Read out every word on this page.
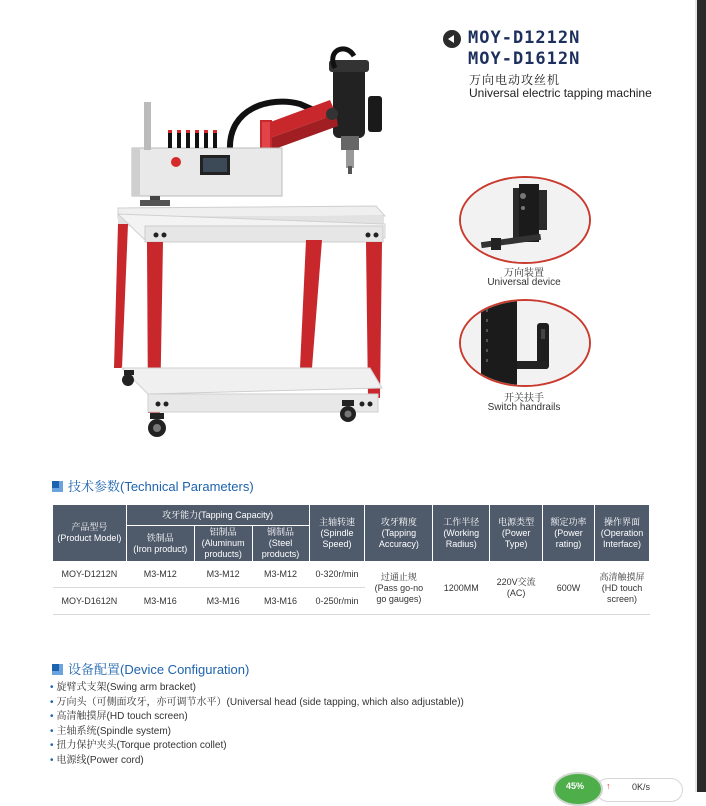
MOY-D1212N
MOY-D1612N
万向电动攻丝机
Universal electric tapping machine
万向装置
Universal device
开关扶手
Switch handrails
技术参数(Technical Parameters)
产品型号
(Product Model)	攻牙能力(Tapping Capacity)			主轴转速
(Spindle
Speed)	攻牙精度
(Tapping
Accuracy)	工作半径
(Working
Radius)	电源类型
(Power
Type)	额定功率
(Power
rating)	操作界面
(Operation
Interface)
	铁制品
(Iron product)	铝制品
(Aluminum
products)	钢制品
(Steel
products)						
MOY-D1212N	M3-M12	M3-M12	M3-M12	0-320r/min	过通止规
(Pass go-no
go gauges)	1200MM	220V交流
(AC)	600W	高清触摸屏
(HD touch
screen)
MOY-D1612N	M3-M16	M3-M16	M3-M16	0-250r/min					
设备配置(Device Configuration)
• 旋臂式支架(Swing arm bracket)
• 万向头（可侧面攻牙，亦可调节水平）(Universal head (side tapping, which also adjustable))
• 高清触摸屏(HD touch screen)
• 主轴系统(Spindle system)
• 扭力保护夹头(Torque protection collet)
• 电源线(Power cord)
45% ↑ 0K/s
